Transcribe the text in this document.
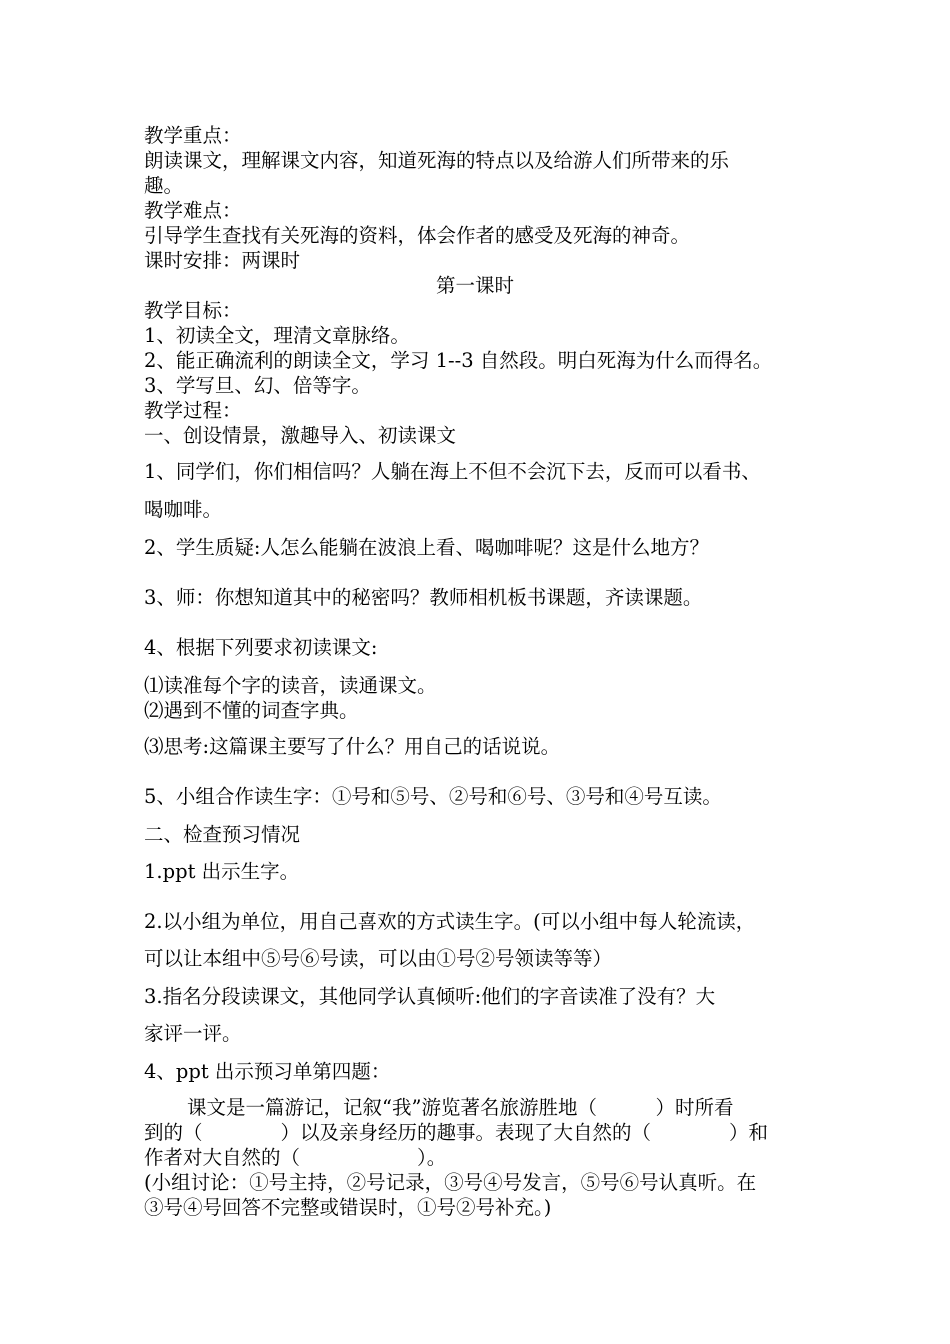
教学重点：
朗读课文，理解课文内容，知道死海的特点以及给游人们所带来的乐
趣。
教学难点：
引导学生查找有关死海的资料，体会作者的感受及死海的神奇。
课时安排：两课时
第一课时
教学目标：
1、初读全文，理清文章脉络。
2、能正确流利的朗读全文，学习 1--3 自然段。明白死海为什么而得名。
3、学写旦、幻、倍等字。
教学过程：
一、创设情景，激趣导入、初读课文
1、同学们，你们相信吗？人躺在海上不但不会沉下去，反而可以看书、
喝咖啡。
2、学生质疑:人怎么能躺在波浪上看、喝咖啡呢？这是什么地方？
3、师：你想知道其中的秘密吗？教师相机板书课题，齐读课题。
4、根据下列要求初读课文:
⑴读准每个字的读音，读通课文。
⑵遇到不懂的词查字典。
⑶思考:这篇课主要写了什么？用自己的话说说。
5、小组合作读生字：①号和⑤号、②号和⑥号、③号和④号互读。
二、检查预习情况
1.ppt 出示生字。
2.以小组为单位，用自己喜欢的方式读生字。(可以小组中每人轮流读，
可以让本组中⑤号⑥号读，可以由①号②号领读等等）
3.指名分段读课文，其他同学认真倾听:他们的字音读准了没有？大
家评一评。
4、ppt 出示预习单第四题：
课文是一篇游记，记叙“我”游览著名旅游胜地（　　　）时所看
到的（　　　　）以及亲身经历的趣事。表现了大自然的（　　　　）和
作者对大自然的（　　　　　　）。
(小组讨论：①号主持，②号记录，③号④号发言，⑤号⑥号认真听。在
③号④号回答不完整或错误时，①号②号补充。)
